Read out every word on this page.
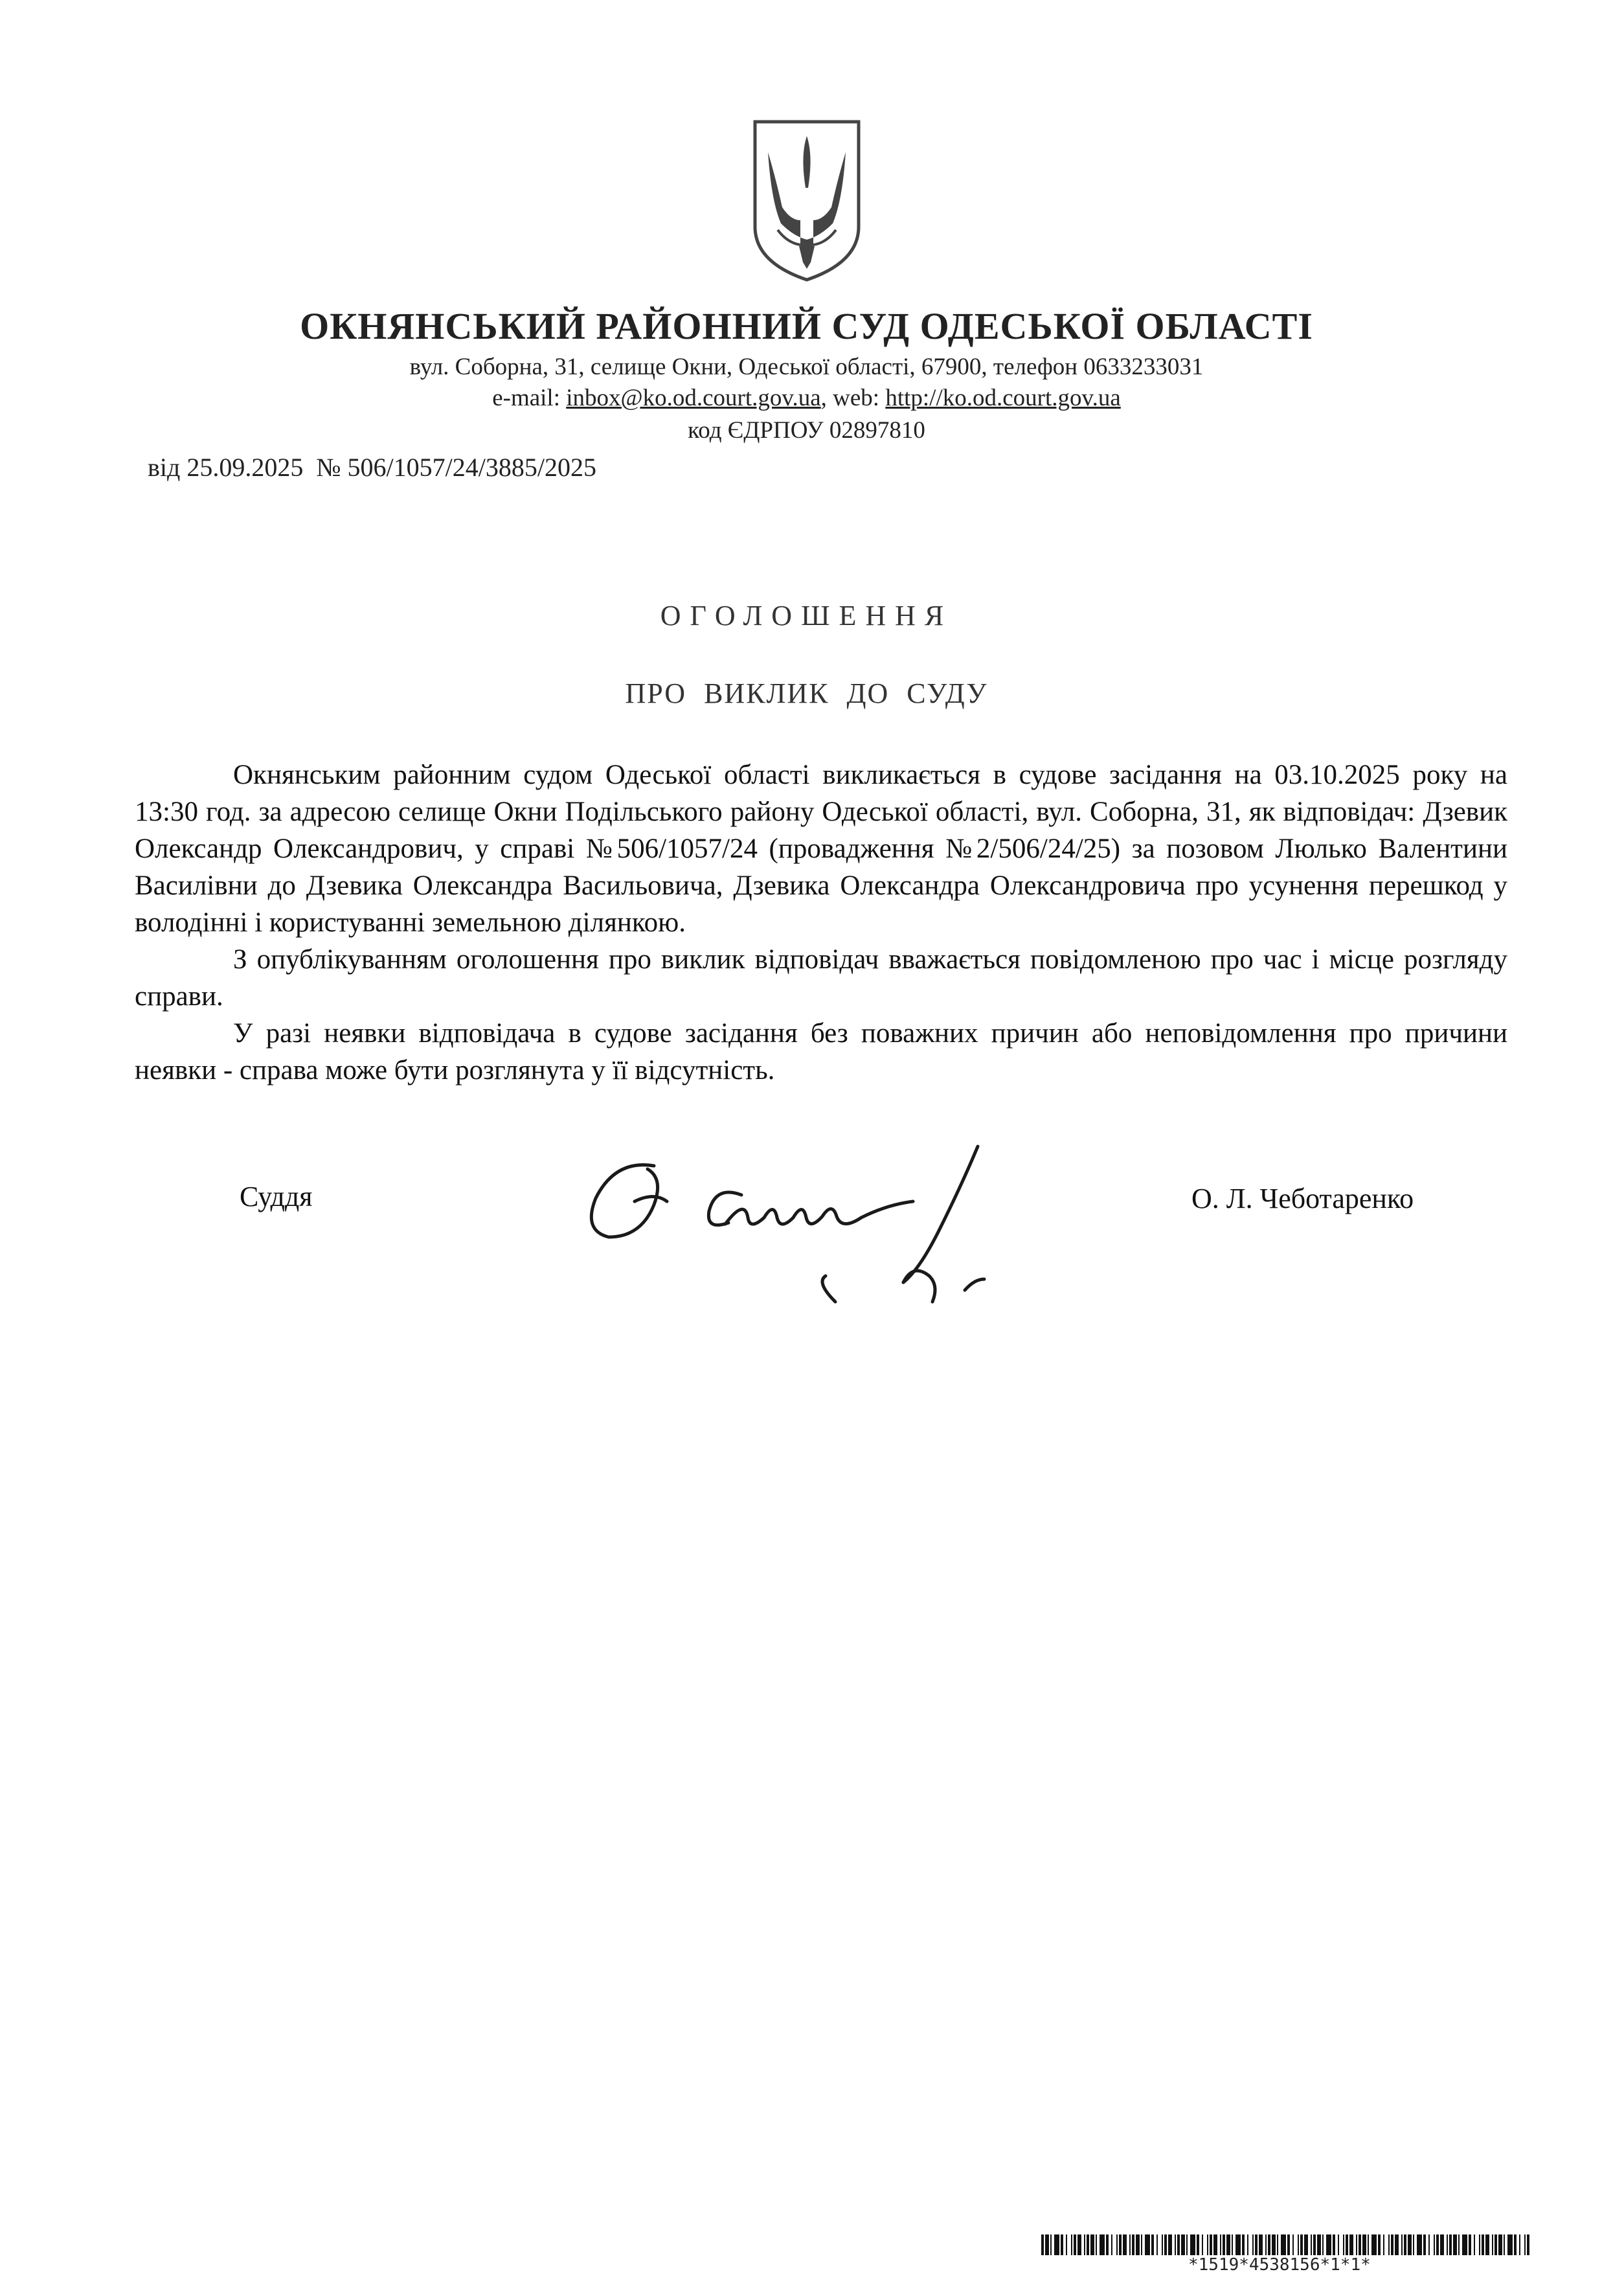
ОКНЯНСЬКИЙ РАЙОННИЙ СУД ОДЕСЬКОЇ ОБЛАСТІ
вул. Соборна, 31, селище Окни, Одеської області, 67900, телефон 0633233031
e-mail: inbox@ko.od.court.gov.ua, web: http://ko.od.court.gov.ua
код ЄДРПОУ 02897810
від 25.09.2025  № 506/1057/24/3885/2025
ОГОЛОШЕННЯ
ПРО ВИКЛИК ДО СУДУ

Окнянським районним судом Одеської області викликається в судове засідання на 03.10.2025 року на 13:30 год. за адресою селище Окни Подільського району Одеської області, вул. Соборна, 31, як відповідач: Дзевик Олександр Олександрович, у справі №506/1057/24 (провадження №2/506/24/25) за позовом Люлько Валентини Василівни до Дзевика Олександра Васильовича, Дзевика Олександра Олександровича про усунення перешкод у володінні і користуванні земельною ділянкою.

З опублікуванням оголошення про виклик відповідач вважається повідомленою про час і місце розгляду справи.

У разі неявки відповідача в судове засідання без поважних причин або неповідомлення про причини неявки - справа може бути розглянута у її відсутність.

Суддя	О. Л. Чеботаренко
*1519*4538156*1*1*
